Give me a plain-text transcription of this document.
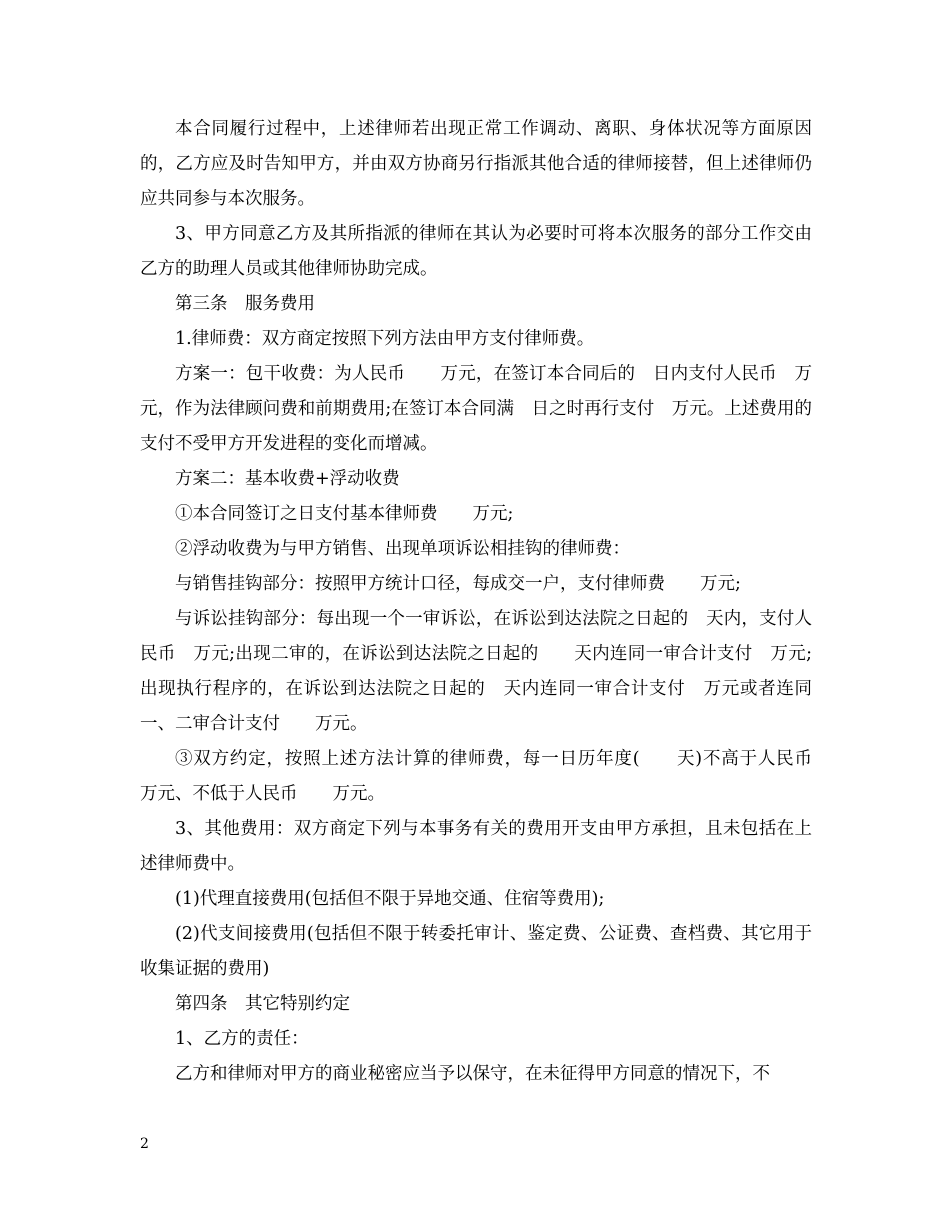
本合同履行过程中，上述律师若出现正常工作调动、离职、身体状况等方面原因的，乙方应及时告知甲方，并由双方协商另行指派其他合适的律师接替，但上述律师仍应共同参与本次服务。

3、甲方同意乙方及其所指派的律师在其认为必要时可将本次服务的部分工作交由乙方的助理人员或其他律师协助完成。

第三条　服务费用

1.律师费：双方商定按照下列方法由甲方支付律师费。

方案一：包干收费：为人民币　　万元，在签订本合同后的　日内支付人民币　万元，作为法律顾问费和前期费用;在签订本合同满　日之时再行支付　万元。上述费用的支付不受甲方开发进程的变化而增减。

方案二：基本收费+浮动收费

①本合同签订之日支付基本律师费　　万元;

②浮动收费为与甲方销售、出现单项诉讼相挂钩的律师费：

与销售挂钩部分：按照甲方统计口径，每成交一户，支付律师费　　万元;

与诉讼挂钩部分：每出现一个一审诉讼，在诉讼到达法院之日起的　天内，支付人民币　万元;出现二审的，在诉讼到达法院之日起的　　天内连同一审合计支付　万元;出现执行程序的，在诉讼到达法院之日起的　天内连同一审合计支付　万元或者连同一、二审合计支付　　万元。

③双方约定，按照上述方法计算的律师费，每一日历年度(　　天)不高于人民币　　万元、不低于人民币　　万元。

3、其他费用：双方商定下列与本事务有关的费用开支由甲方承担，且未包括在上述律师费中。

(1)代理直接费用(包括但不限于异地交通、住宿等费用);

(2)代支间接费用(包括但不限于转委托审计、鉴定费、公证费、查档费、其它用于收集证据的费用)

第四条　其它特别约定

1、乙方的责任：

乙方和律师对甲方的商业秘密应当予以保守，在未征得甲方同意的情况下，不

2
